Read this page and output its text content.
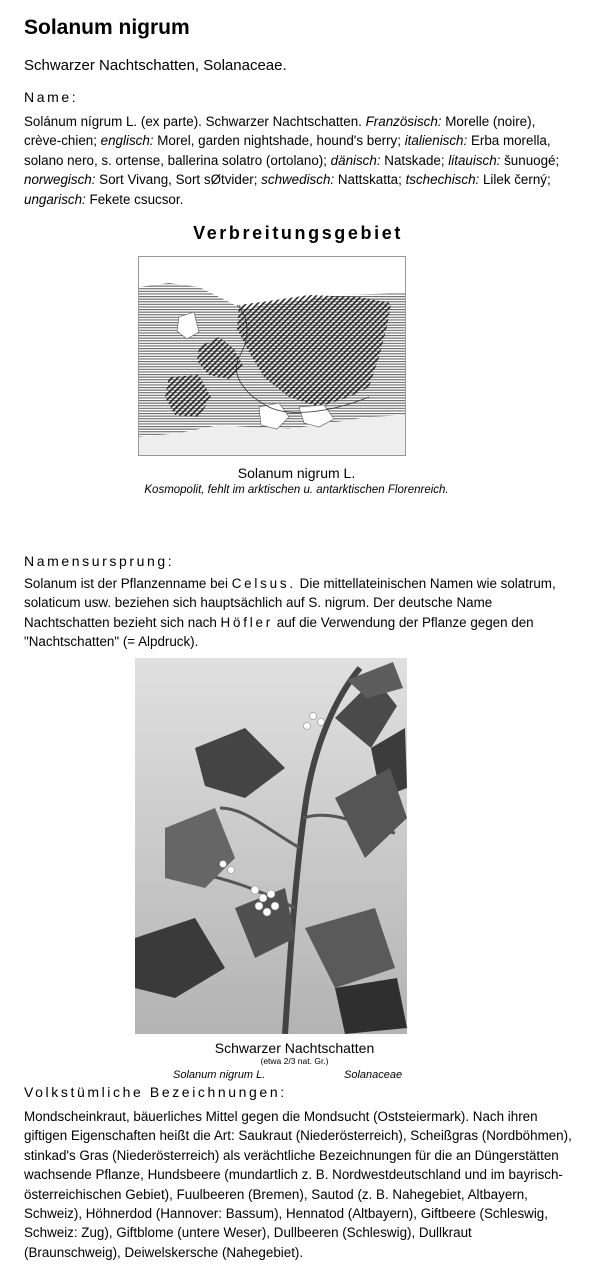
Solanum nigrum
Schwarzer Nachtschatten, Solanaceae.
Name:

Solánum nígrum L. (ex parte). Schwarzer Nachtschatten. Französisch: Morelle (noire), crève-chien; englisch: Morel, garden nightshade, hound's berry; italienisch: Erba morella, solano nero, s. ortense, ballerina solatro (ortolano); dänisch: Natskade; litauisch: šunuogé; norwegisch: Sort Vivang, Sort sØtvider; schwedisch: Nattskatta; tschechisch: Lilek černý; ungarisch: Fekete csucsor.

Verbreitungsgebiet
Solanum nigrum L.
Kosmopolit, fehlt im arktischen u. antarktischen Florenreich.
Namensursprung:

Solanum ist der Pflanzenname bei Celsus. Die mittellateinischen Namen wie solatrum, solaticum usw. beziehen sich hauptsächlich auf S. nigrum. Der deutsche Name Nachtschatten bezieht sich nach Höfler auf die Verwendung der Pflanze gegen den "Nachtschatten" (= Alpdruck).

Schwarzer Nachtschatten
(etwa 2/3 nat. Gr.)
Solanum nigrum L.	Solanaceae
Volkstümliche Bezeichnungen:

Mondscheinkraut, bäuerliches Mittel gegen die Mondsucht (Oststeiermark). Nach ihren giftigen Eigenschaften heißt die Art: Saukraut (Niederösterreich), Scheißgras (Nordböhmen), stinkad's Gras (Niederösterreich) als verächtliche Bezeichnungen für die an Düngerstätten wachsende Pflanze, Hundsbeere (mundartlich z. B. Nordwestdeutschland und im bayrisch-österreichischen Gebiet), Fuulbeeren (Bremen), Sautod (z. B. Nahegebiet, Altbayern, Schweiz), Höhnerdod (Hannover: Bassum), Hennatod (Altbayern), Giftbeere (Schleswig, Schweiz: Zug), Giftblome (untere Weser), Dullbeeren (Schleswig), Dullkraut (Braunschweig), Deiwelskersche (Nahegebiet).
